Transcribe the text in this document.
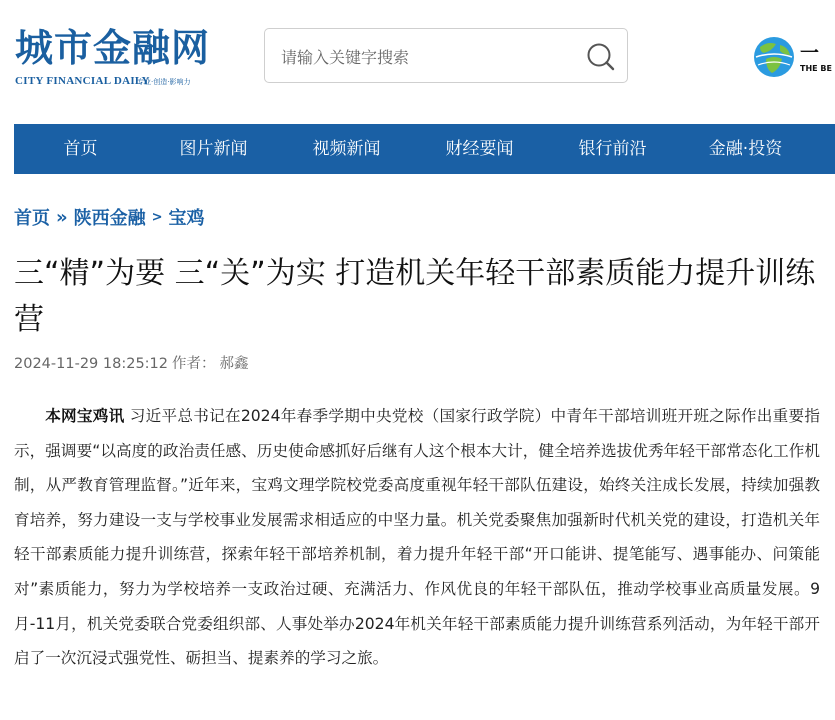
城市金融网
CITY FINANCIAL DAILY
专业·创造·影响力
请输入关键字搜索
一
THE BE
首页	图片新闻	视频新闻	财经要闻	银行前沿	金融·投资
首页 » 陕西金融 > 宝鸡
三“精”为要 三“关”为实 打造机关年轻干部素质能力提升训练营
2024-11-29 18:25:12 作者： 郝鑫

本网宝鸡讯 习近平总书记在2024年春季学期中央党校（国家行政学院）中青年干部培训班开班之际作出重要指示，强调要“以高度的政治责任感、历史使命感抓好后继有人这个根本大计，健全培养选拔优秀年轻干部常态化工作机制，从严教育管理监督。”近年来，宝鸡文理学院校党委高度重视年轻干部队伍建设，始终关注成长发展，持续加强教育培养，努力建设一支与学校事业发展需求相适应的中坚力量。机关党委聚焦加强新时代机关党的建设，打造机关年轻干部素质能力提升训练营，探索年轻干部培养机制，着力提升年轻干部“开口能讲、提笔能写、遇事能办、问策能对”素质能力，努力为学校培养一支政治过硬、充满活力、作风优良的年轻干部队伍，推动学校事业高质量发展。9月-11月，机关党委联合党委组织部、人事处举办2024年机关年轻干部素质能力提升训练营系列活动，为年轻干部开启了一次沉浸式强党性、砺担当、提素养的学习之旅。
